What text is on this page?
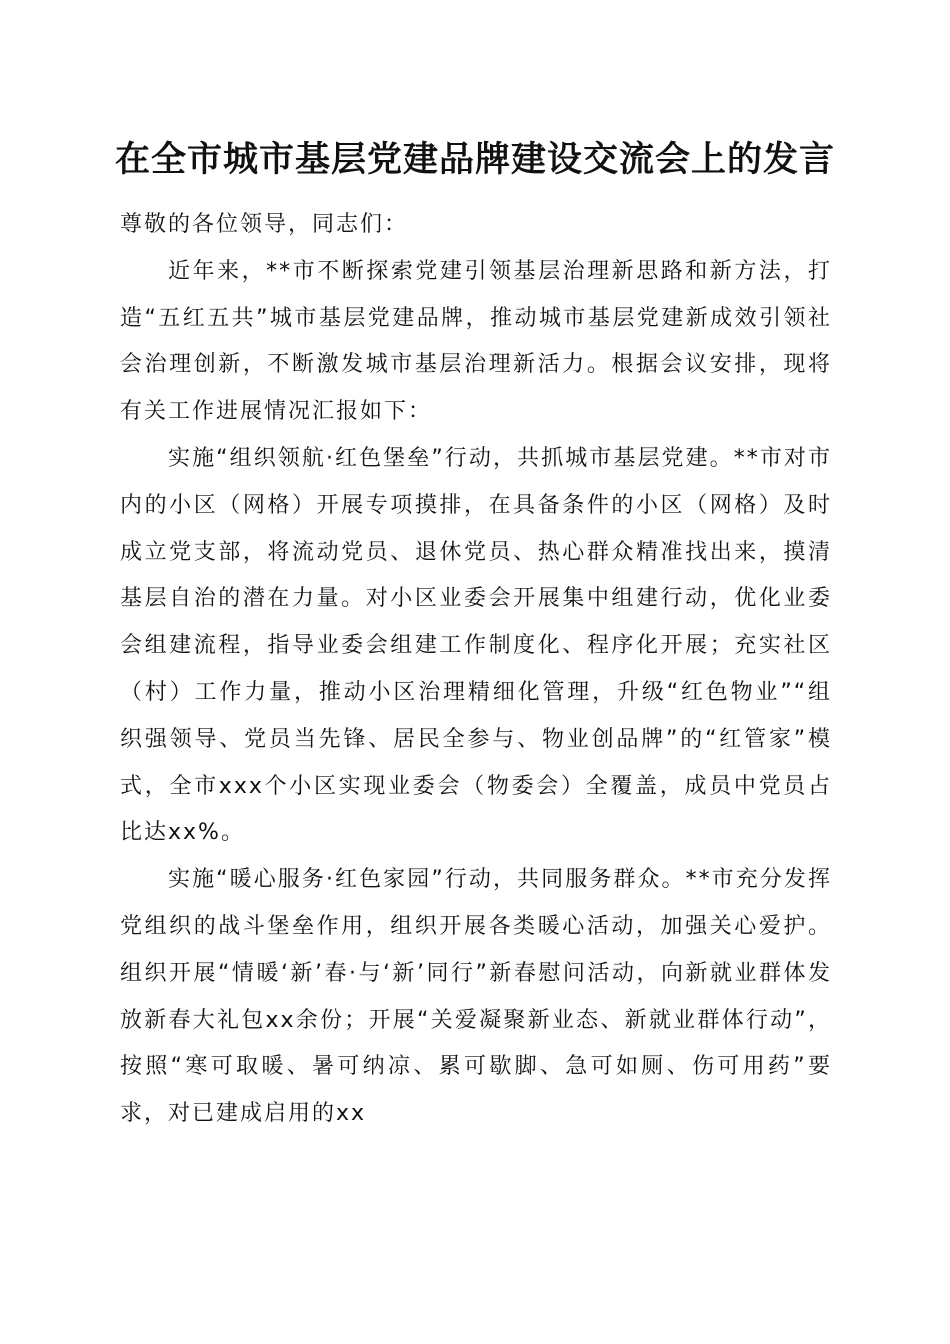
在全市城市基层党建品牌建设交流会上的发言

尊敬的各位领导，同志们：

近年来，**市不断探索党建引领基层治理新思路和新方法，打造“五红五共”城市基层党建品牌，推动城市基层党建新成效引领社会治理创新，不断激发城市基层治理新活力。根据会议安排，现将有关工作进展情况汇报如下：

实施“组织领航·红色堡垒”行动，共抓城市基层党建。**市对市内的小区（网格）开展专项摸排，在具备条件的小区（网格）及时成立党支部，将流动党员、退休党员、热心群众精准找出来，摸清基层自治的潜在力量。对小区业委会开展集中组建行动，优化业委会组建流程，指导业委会组建工作制度化、程序化开展；充实社区（村）工作力量，推动小区治理精细化管理，升级“红色物业”“组织强领导、党员当先锋、居民全参与、物业创品牌”的“红管家”模式，全市xxx个小区实现业委会（物委会）全覆盖，成员中党员占比达xx%。

实施“暖心服务·红色家园”行动，共同服务群众。**市充分发挥党组织的战斗堡垒作用，组织开展各类暖心活动，加强关心爱护。组织开展“情暖‘新’春·与‘新’同行”新春慰问活动，向新就业群体发放新春大礼包xx余份；开展“关爱凝聚新业态、新就业群体行动”，按照“寒可取暖、暑可纳凉、累可歇脚、急可如厕、伤可用药”要求，对已建成启用的xx
